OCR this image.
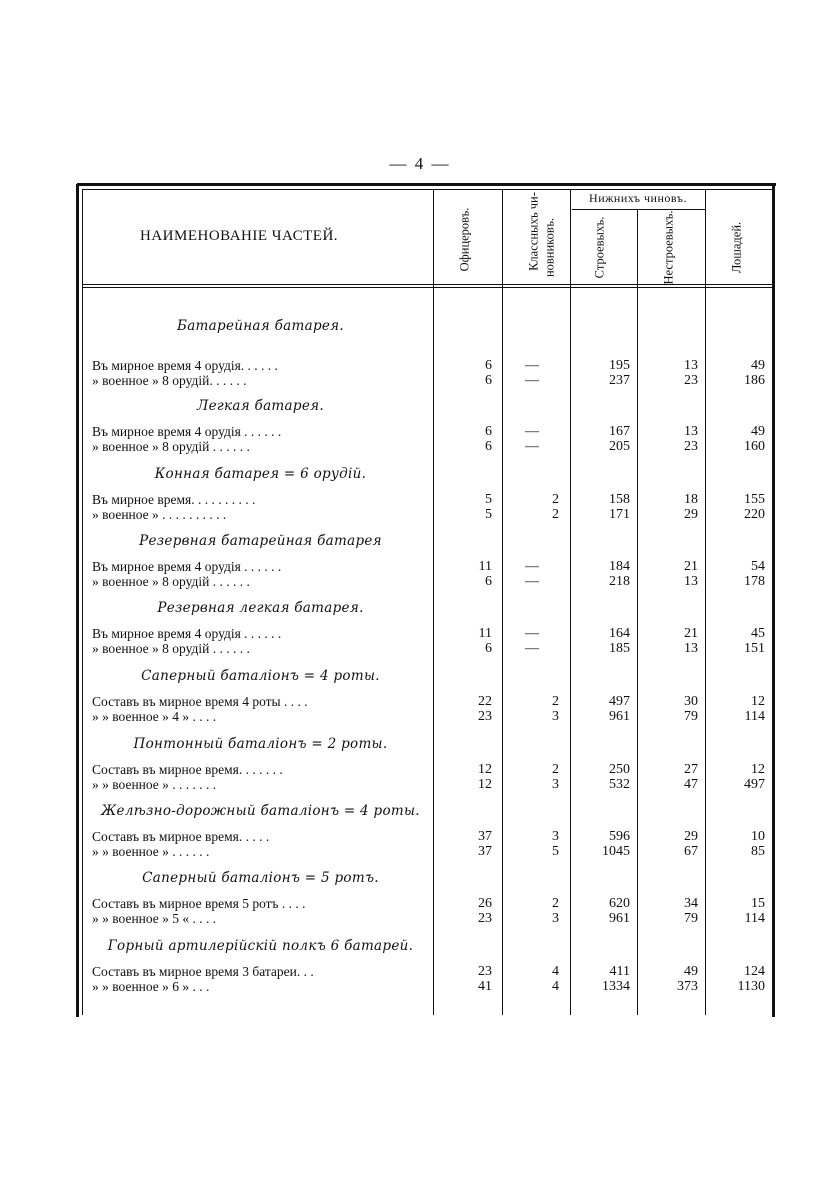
— 4 —
НАИМЕНОВАНІЕ ЧАСТЕЙ.	Офицеровъ.	Классныхъ чи- новниковъ.
Нижнихъ чиновъ.
Строевыхъ.	Нестроевыхъ.	Лошадей.
Батарейная батарея.
Въ мирное время 4 орудія. . . . . .	6	—	195	13	49
» военное » 8 орудій. . . . . .	6	—	237	23	186
Легкая батарея.
Въ мирное время 4 орудія . . . . . .	6	—	167	13	49
» военное » 8 орудій . . . . . .	6	—	205	23	160
Конная батарея = 6 орудій.
Въ мирное время. . . . . . . . . .	5	2	158	18	155
» военное » . . . . . . . . . .	5	2	171	29	220
Резервная батарейная батарея
Въ мирное время 4 орудія . . . . . .	11	—	184	21	54
» военное » 8 орудій . . . . . .	6	—	218	13	178
Резервная легкая батарея.
Въ мирное время 4 орудія . . . . . .	11	—	164	21	45
» военное » 8 орудій . . . . . .	6	—	185	13	151
Саперный баталіонъ = 4 роты.
Составъ въ мирное время 4 роты . . . .	22	2	497	30	12
» » военное » 4 » . . . .	23	3	961	79	114
Понтонный баталіонъ = 2 роты.
Составъ въ мирное время. . . . . . .	12	2	250	27	12
» » военное » . . . . . . .	12	3	532	47	497
Желѣзно-дорожный баталіонъ = 4 роты.
Составъ въ мирное время. . . . .	37	3	596	29	10
» » военное » . . . . . .	37	5	1045	67	85
Саперный баталіонъ = 5 ротъ.
Составъ въ мирное время 5 ротъ . . . .	26	2	620	34	15
» » военное » 5 « . . . .	23	3	961	79	114
Горный артилерійскій полкъ 6 батарей.
Составъ въ мирное время 3 батареи. . .	23	4	411	49	124
» » военное » 6 » . . .	41	4	1334	373	1130
